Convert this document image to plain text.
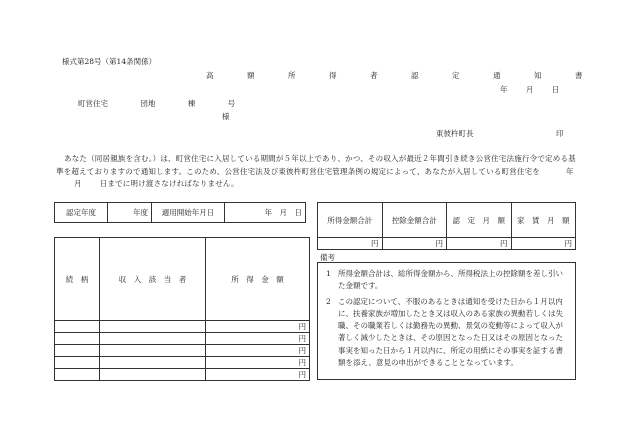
様式第28号（第14条関係）
高　額　所　得　者　認　定　通　知　書
年 月 日
町営住宅	団地	棟	号
様
東彼杵町長	印
あなた（同居親族を含む。）は、町営住宅に入居している期間が５年以上であり、かつ、その収入が最近２年間引き続き公営住宅法施行令で定める基準を超えておりますので通知します。このため、公営住宅法及び東彼杵町営住宅管理条例の規定によって、あなたが入居している町営住宅を	年月 日までに明け渡さなければなりません。
認定年度	年度	適用開始年月日	年　月　日
所得金額合計	控除金額合計	認　定　月　額	家　賃　月　額
円	円	円	円
続　柄	収　入　該　当　者	所　得　金　額
		円
		円
		円
		円
		円
備考
1 所得金額合計は、総所得金額から、所得税法上の控除額を差し引いた金額です。
2 この認定について、不服のあるときは通知を受けた日から１月以内に、扶養家族が増加したとき又は収入のある家族の異動若しくは失職、その職業若しくは勤務先の異動、景気の変動等によって収入が著しく減少したときは、その原因となった日又はその原因となった事実を知った日から１月以内に、所定の用紙にその事実を証する書類を添え、意見の申出ができることとなっています。
